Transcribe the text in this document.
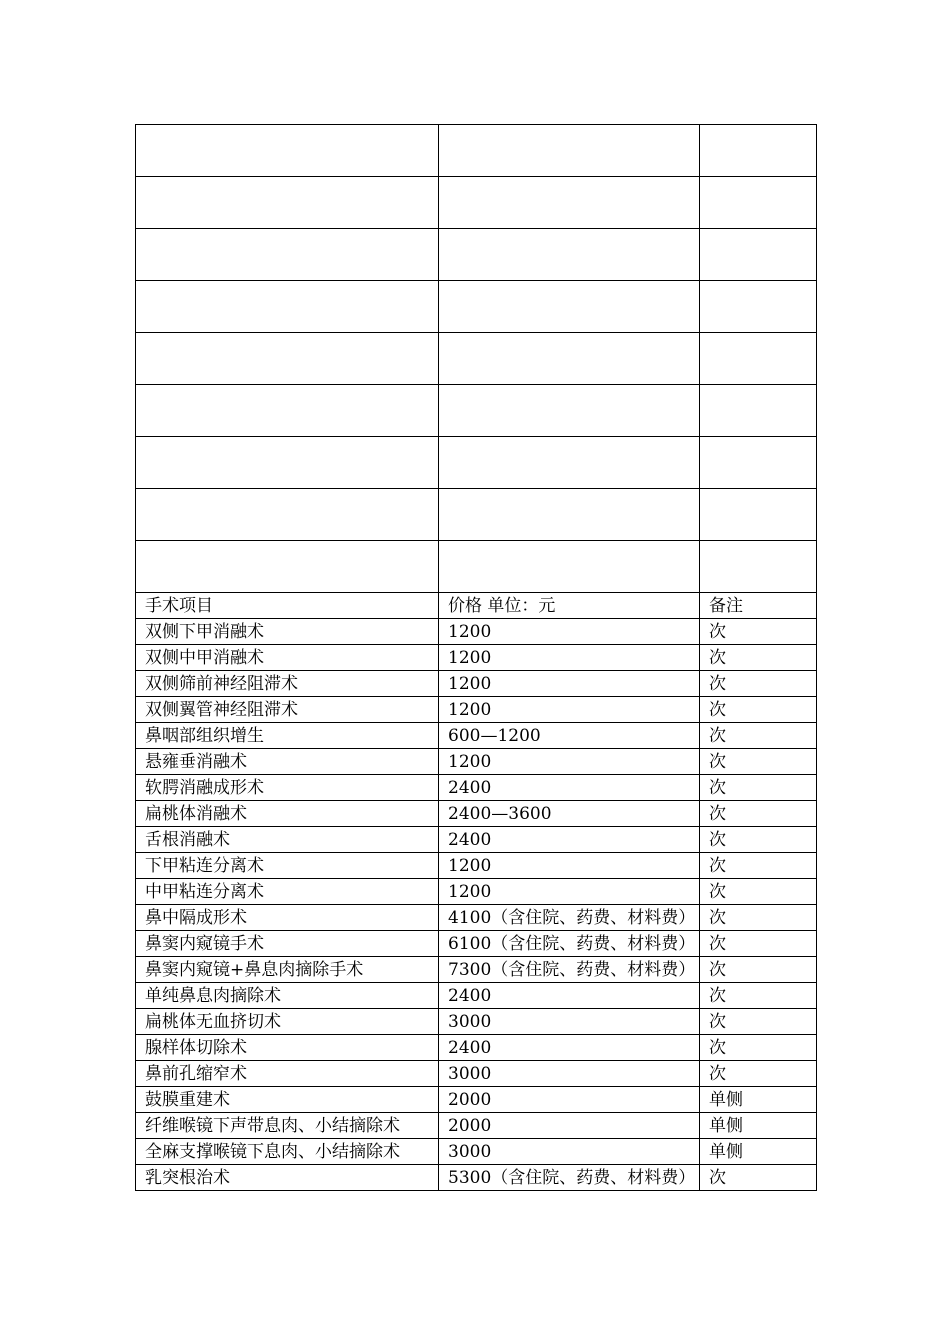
手术项目	价格 单位：元	备注
双侧下甲消融术	1200	次
双侧中甲消融术	1200	次
双侧筛前神经阻滞术	1200	次
双侧翼管神经阻滞术	1200	次
鼻咽部组织增生	600—1200	次
悬雍垂消融术	1200	次
软腭消融成形术	2400	次
扁桃体消融术	2400—3600	次
舌根消融术	2400	次
下甲粘连分离术	1200	次
中甲粘连分离术	1200	次
鼻中隔成形术	4100（含住院、药费、材料费）	次
鼻窦内窥镜手术	6100（含住院、药费、材料费）	次
鼻窦内窥镜+鼻息肉摘除手术	7300（含住院、药费、材料费）	次
单纯鼻息肉摘除术	2400	次
扁桃体无血挤切术	3000	次
腺样体切除术	2400	次
鼻前孔缩窄术	3000	次
鼓膜重建术	2000	单侧
纤维喉镜下声带息肉、小结摘除术	2000	单侧
全麻支撑喉镜下息肉、小结摘除术	3000	单侧
乳突根治术	5300（含住院、药费、材料费）	次
